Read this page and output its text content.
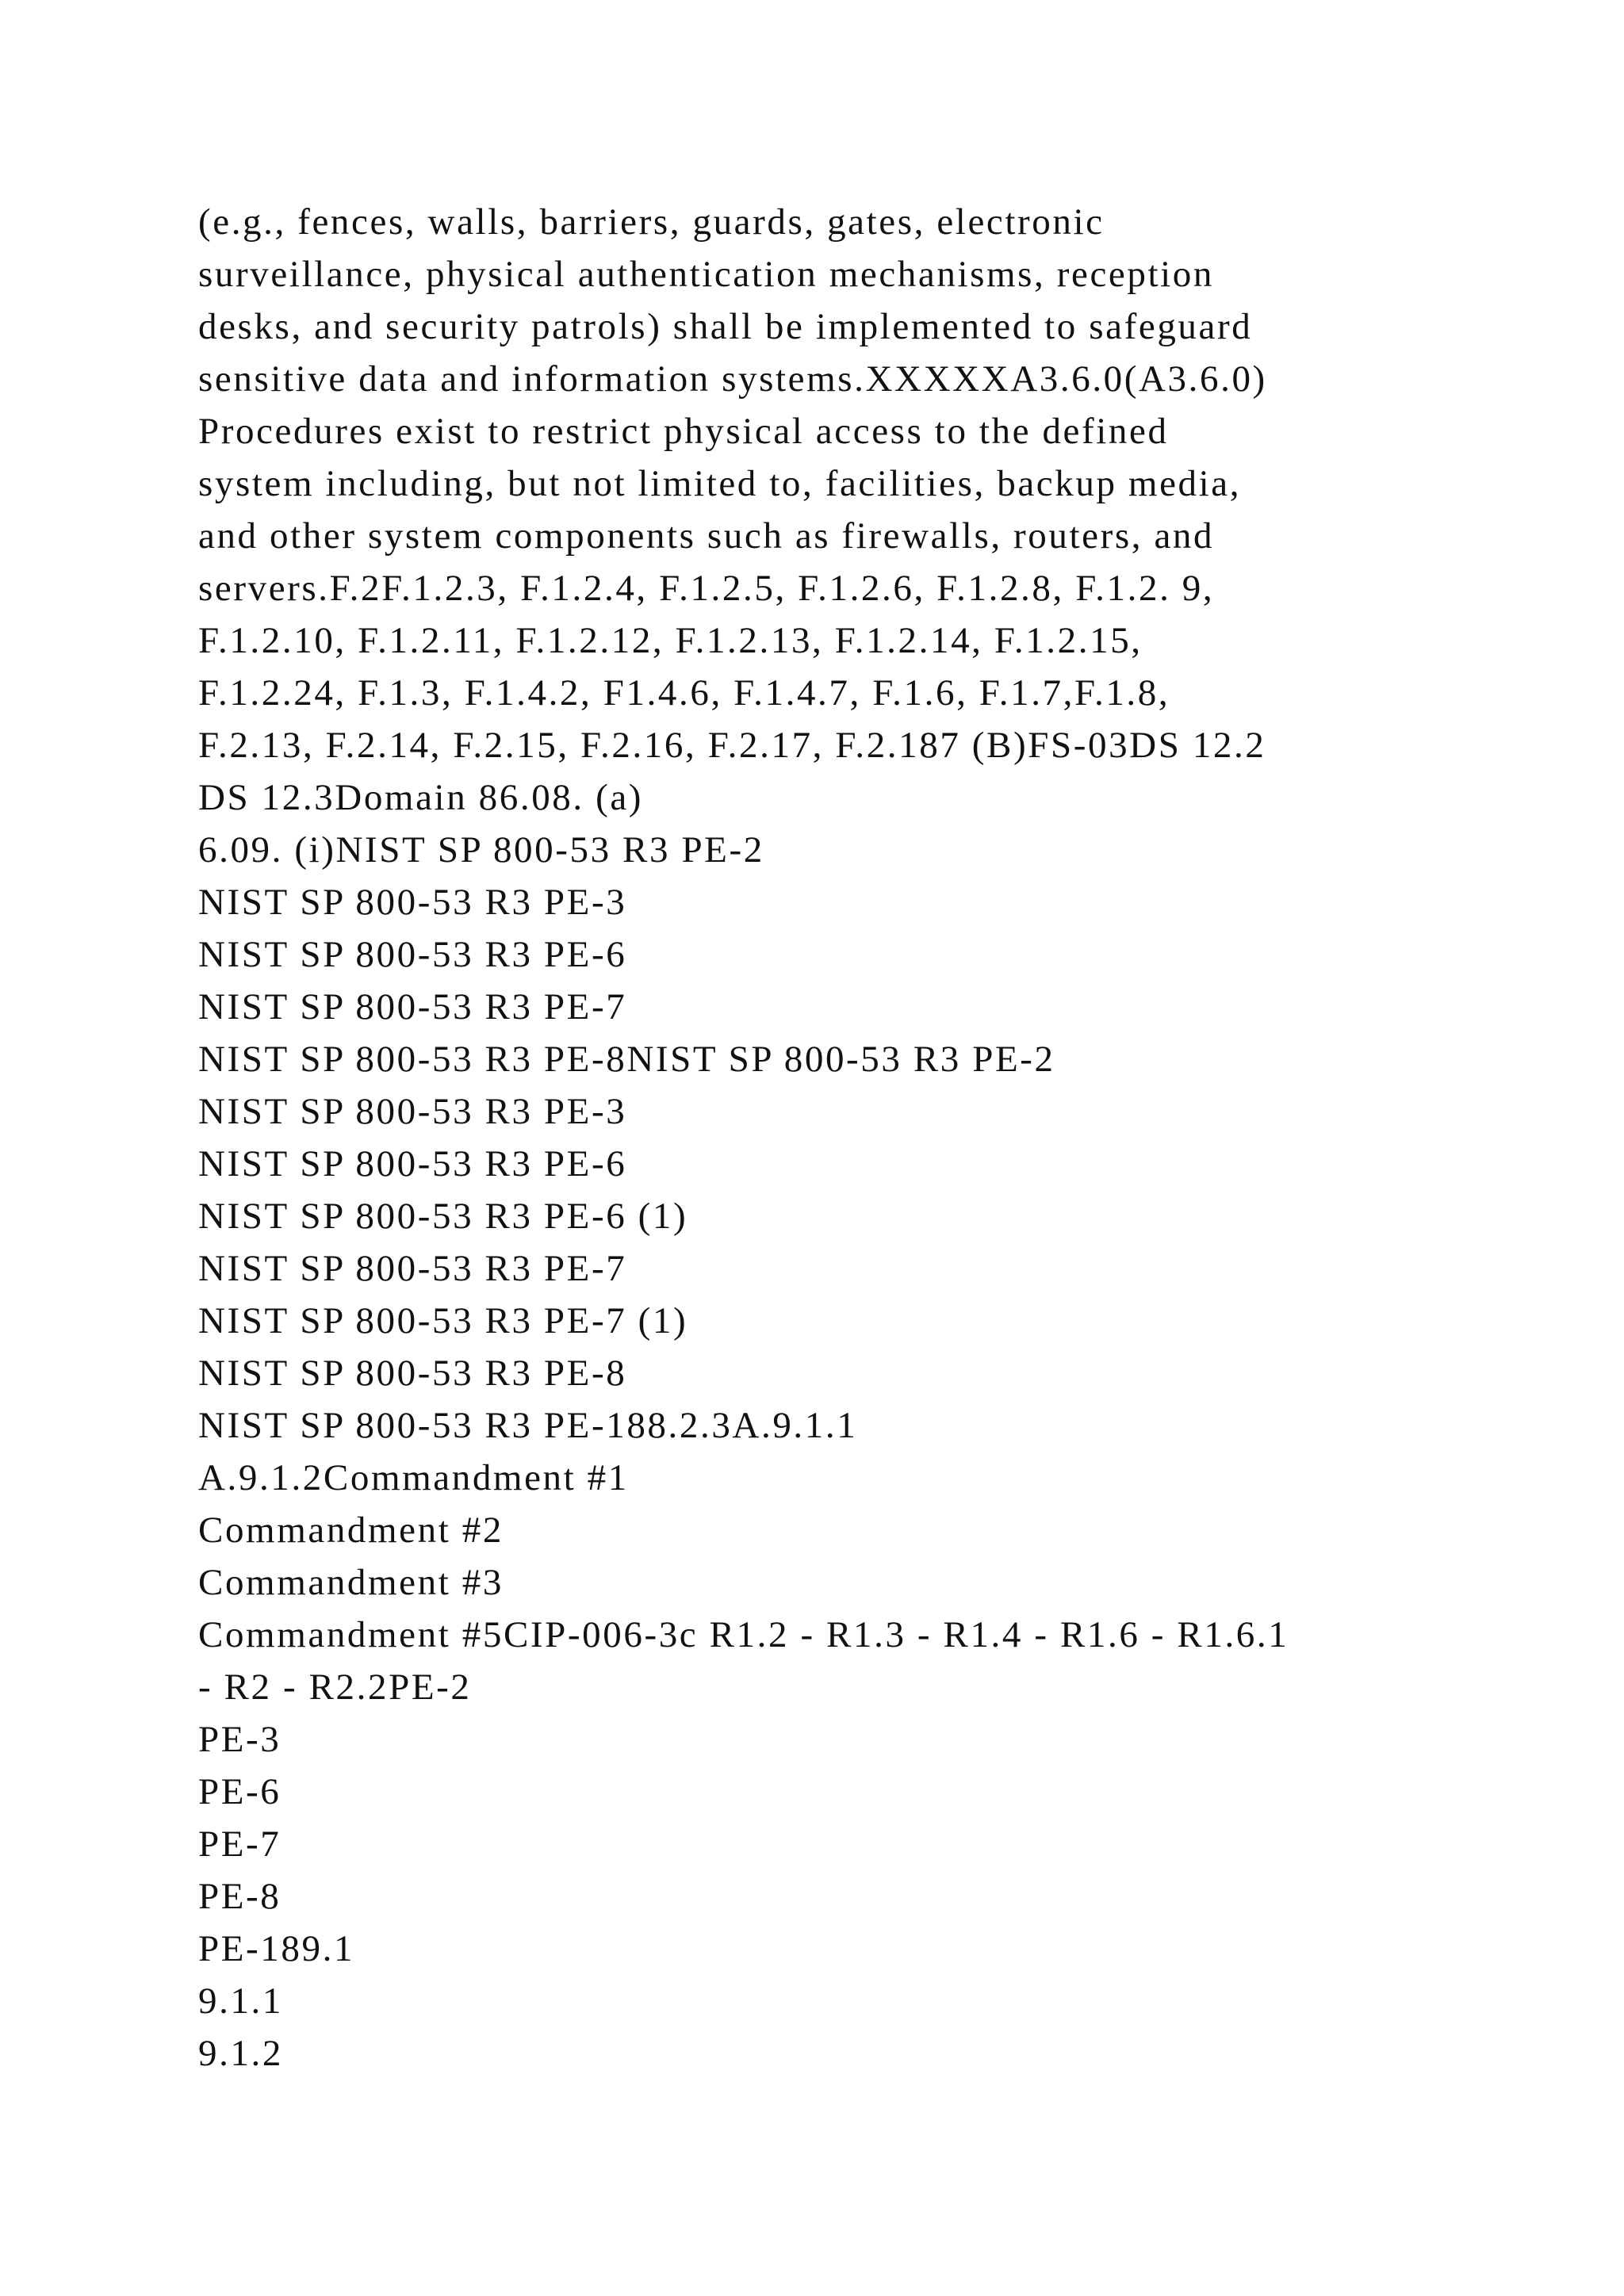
(e.g., fences, walls, barriers, guards, gates, electronic
surveillance, physical authentication mechanisms, reception
desks, and security patrols) shall be implemented to safeguard
sensitive data and information systems.XXXXXA3.6.0(A3.6.0)
Procedures exist to restrict physical access to the defined
system including, but not limited to, facilities, backup media,
and other system components such as firewalls, routers, and
servers.F.2F.1.2.3, F.1.2.4, F.1.2.5, F.1.2.6, F.1.2.8, F.1.2. 9,
F.1.2.10, F.1.2.11, F.1.2.12, F.1.2.13, F.1.2.14, F.1.2.15,
F.1.2.24, F.1.3, F.1.4.2, F1.4.6, F.1.4.7, F.1.6, F.1.7,F.1.8,
F.2.13, F.2.14, F.2.15, F.2.16, F.2.17, F.2.187 (B)FS-03DS 12.2
DS 12.3Domain 86.08. (a)
6.09. (i)NIST SP 800-53 R3 PE-2
NIST SP 800-53 R3 PE-3
NIST SP 800-53 R3 PE-6
NIST SP 800-53 R3 PE-7
NIST SP 800-53 R3 PE-8NIST SP 800-53 R3 PE-2
NIST SP 800-53 R3 PE-3
NIST SP 800-53 R3 PE-6
NIST SP 800-53 R3 PE-6 (1)
NIST SP 800-53 R3 PE-7
NIST SP 800-53 R3 PE-7 (1)
NIST SP 800-53 R3 PE-8
NIST SP 800-53 R3 PE-188.2.3A.9.1.1
A.9.1.2Commandment #1
Commandment #2
Commandment #3
Commandment #5CIP-006-3c R1.2 - R1.3 - R1.4 - R1.6 - R1.6.1
- R2 - R2.2PE-2
PE-3
PE-6
PE-7
PE-8
PE-189.1
9.1.1
9.1.2
